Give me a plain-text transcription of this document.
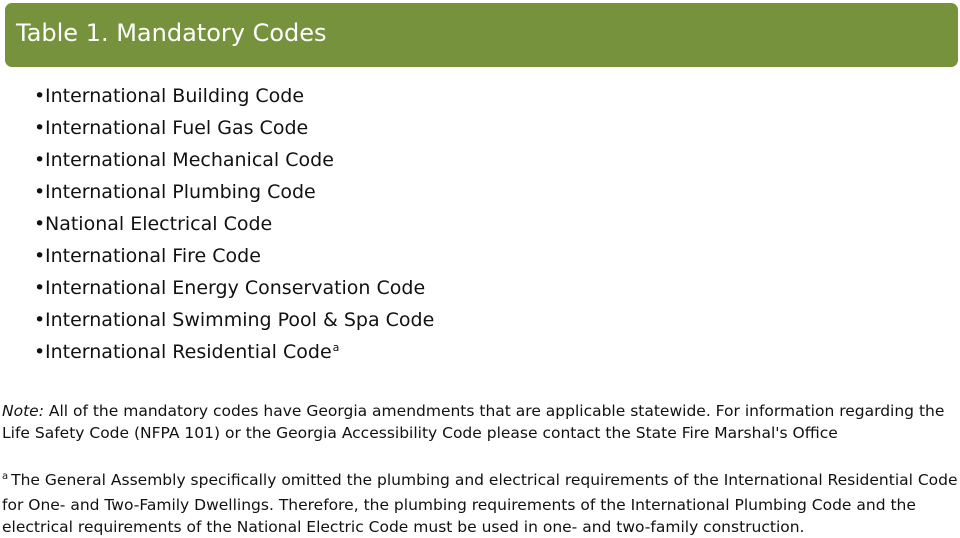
Table 1. Mandatory Codes
• International Building Code
• International Fuel Gas Code
• International Mechanical Code
• International Plumbing Code
• National Electrical Code
• International Fire Code
• International Energy Conservation Code
• International Swimming Pool & Spa Code
• International Residential Code a

Note: All of the mandatory codes have Georgia amendments that are applicable statewide. For information regarding the Life Safety Code (NFPA 101) or the Georgia Accessibility Code please contact the State Fire Marshal's Office

$^a$ The General Assembly specifically omitted the plumbing and electrical requirements of the International Residential Code for One- and Two-Family Dwellings. Therefore, the plumbing requirements of the International Plumbing Code and the electrical requirements of the National Electric Code must be used in one- and two-family construction.
